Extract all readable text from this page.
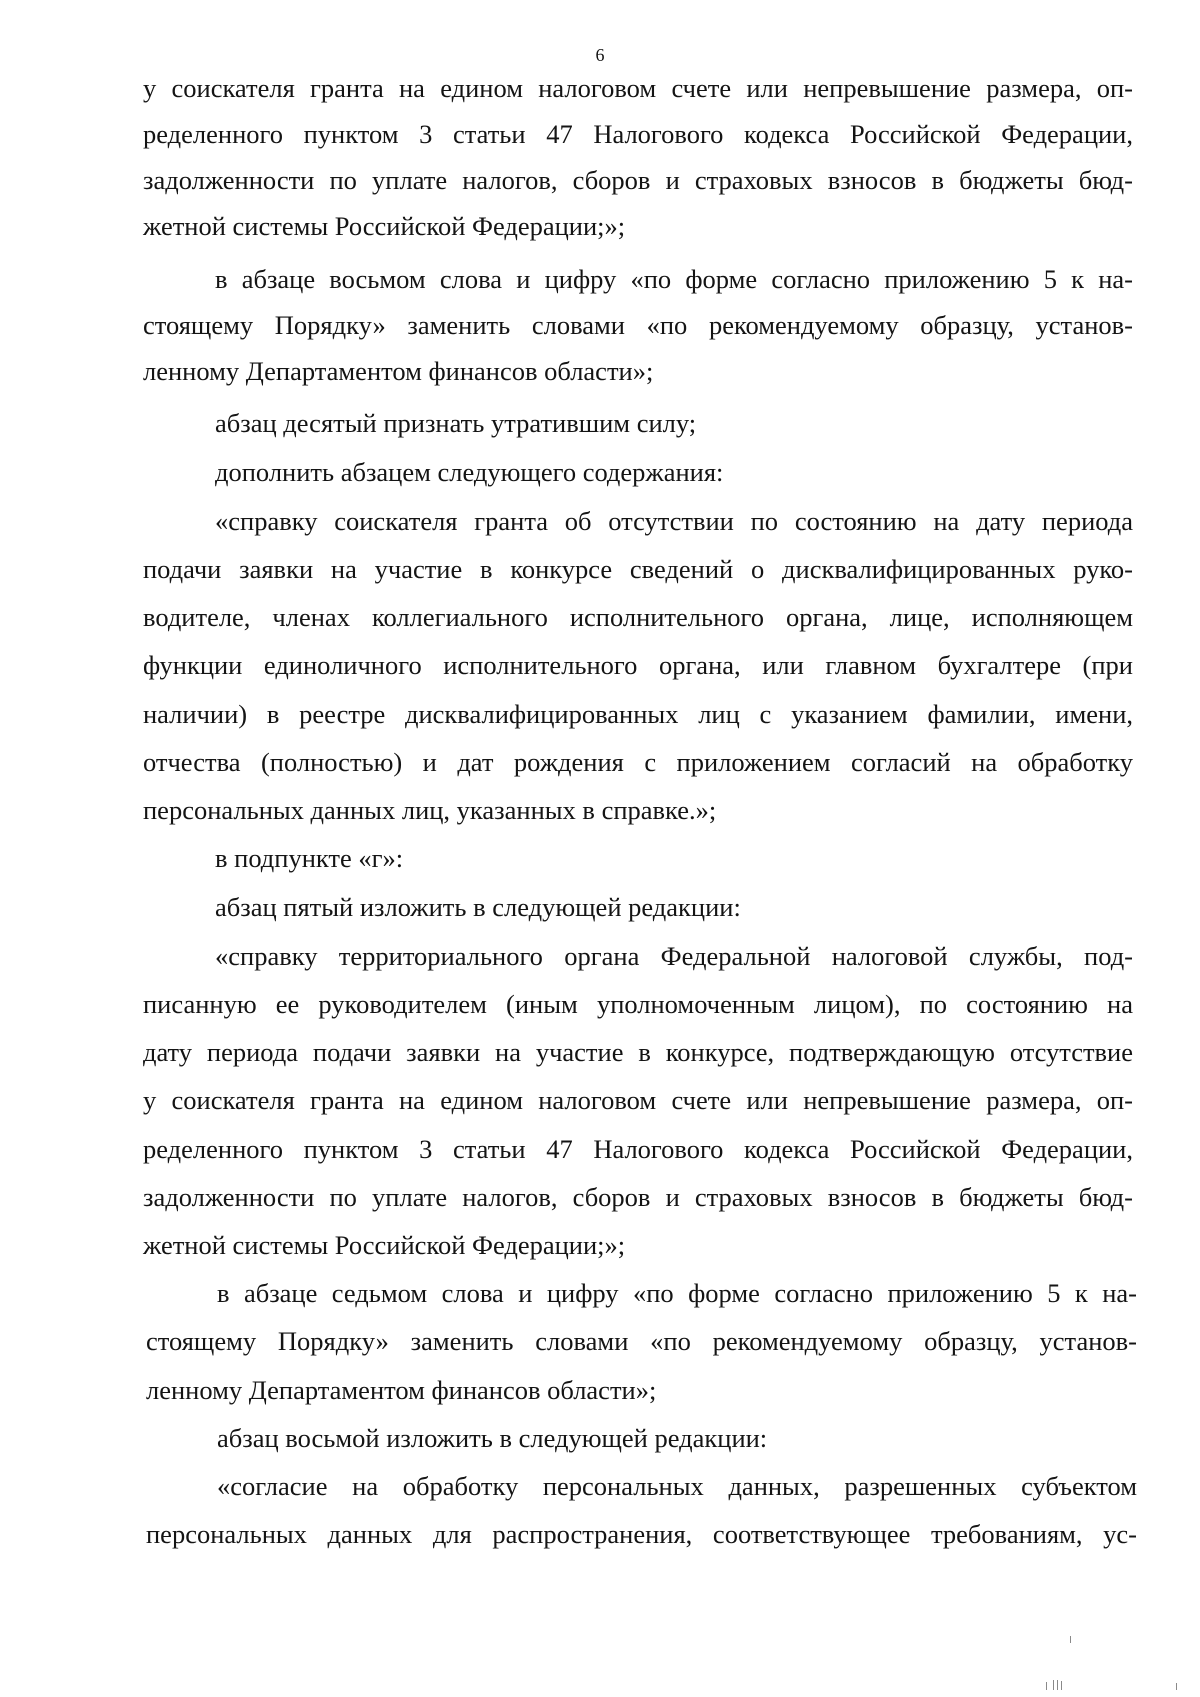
6
у соискателя гранта на едином налоговом счете или непревышение размера, оп-
ределенного пунктом 3 статьи 47 Налогового кодекса Российской Федерации,
задолженности по уплате налогов, сборов и страховых взносов в бюджеты бюд-
жетной системы Российской Федерации;»;
в абзаце восьмом слова и цифру «по форме согласно приложению 5 к на-
стоящему Порядку» заменить словами «по рекомендуемому образцу, установ-
ленному Департаментом финансов области»;
абзац десятый признать утратившим силу;
дополнить абзацем следующего содержания:
«справку соискателя гранта об отсутствии по состоянию на дату периода
подачи заявки на участие в конкурсе сведений о дисквалифицированных руко-
водителе, членах коллегиального исполнительного органа, лице, исполняющем
функции единоличного исполнительного органа, или главном бухгалтере (при
наличии) в реестре дисквалифицированных лиц с указанием фамилии, имени,
отчества (полностью) и дат рождения с приложением согласий на обработку
персональных данных лиц, указанных в справке.»;
в подпункте «г»:
абзац пятый изложить в следующей редакции:
«справку территориального органа Федеральной налоговой службы, под-
писанную ее руководителем (иным уполномоченным лицом), по состоянию на
дату периода подачи заявки на участие в конкурсе, подтверждающую отсутствие
у соискателя гранта на едином налоговом счете или непревышение размера, оп-
ределенного пунктом 3 статьи 47 Налогового кодекса Российской Федерации,
задолженности по уплате налогов, сборов и страховых взносов в бюджеты бюд-
жетной системы Российской Федерации;»;
в абзаце седьмом слова и цифру «по форме согласно приложению 5 к на-
стоящему Порядку» заменить словами «по рекомендуемому образцу, установ-
ленному Департаментом финансов области»;
абзац восьмой изложить в следующей редакции:
«согласие на обработку персональных данных, разрешенных субъектом
персональных данных для распространения, соответствующее требованиям, ус-
